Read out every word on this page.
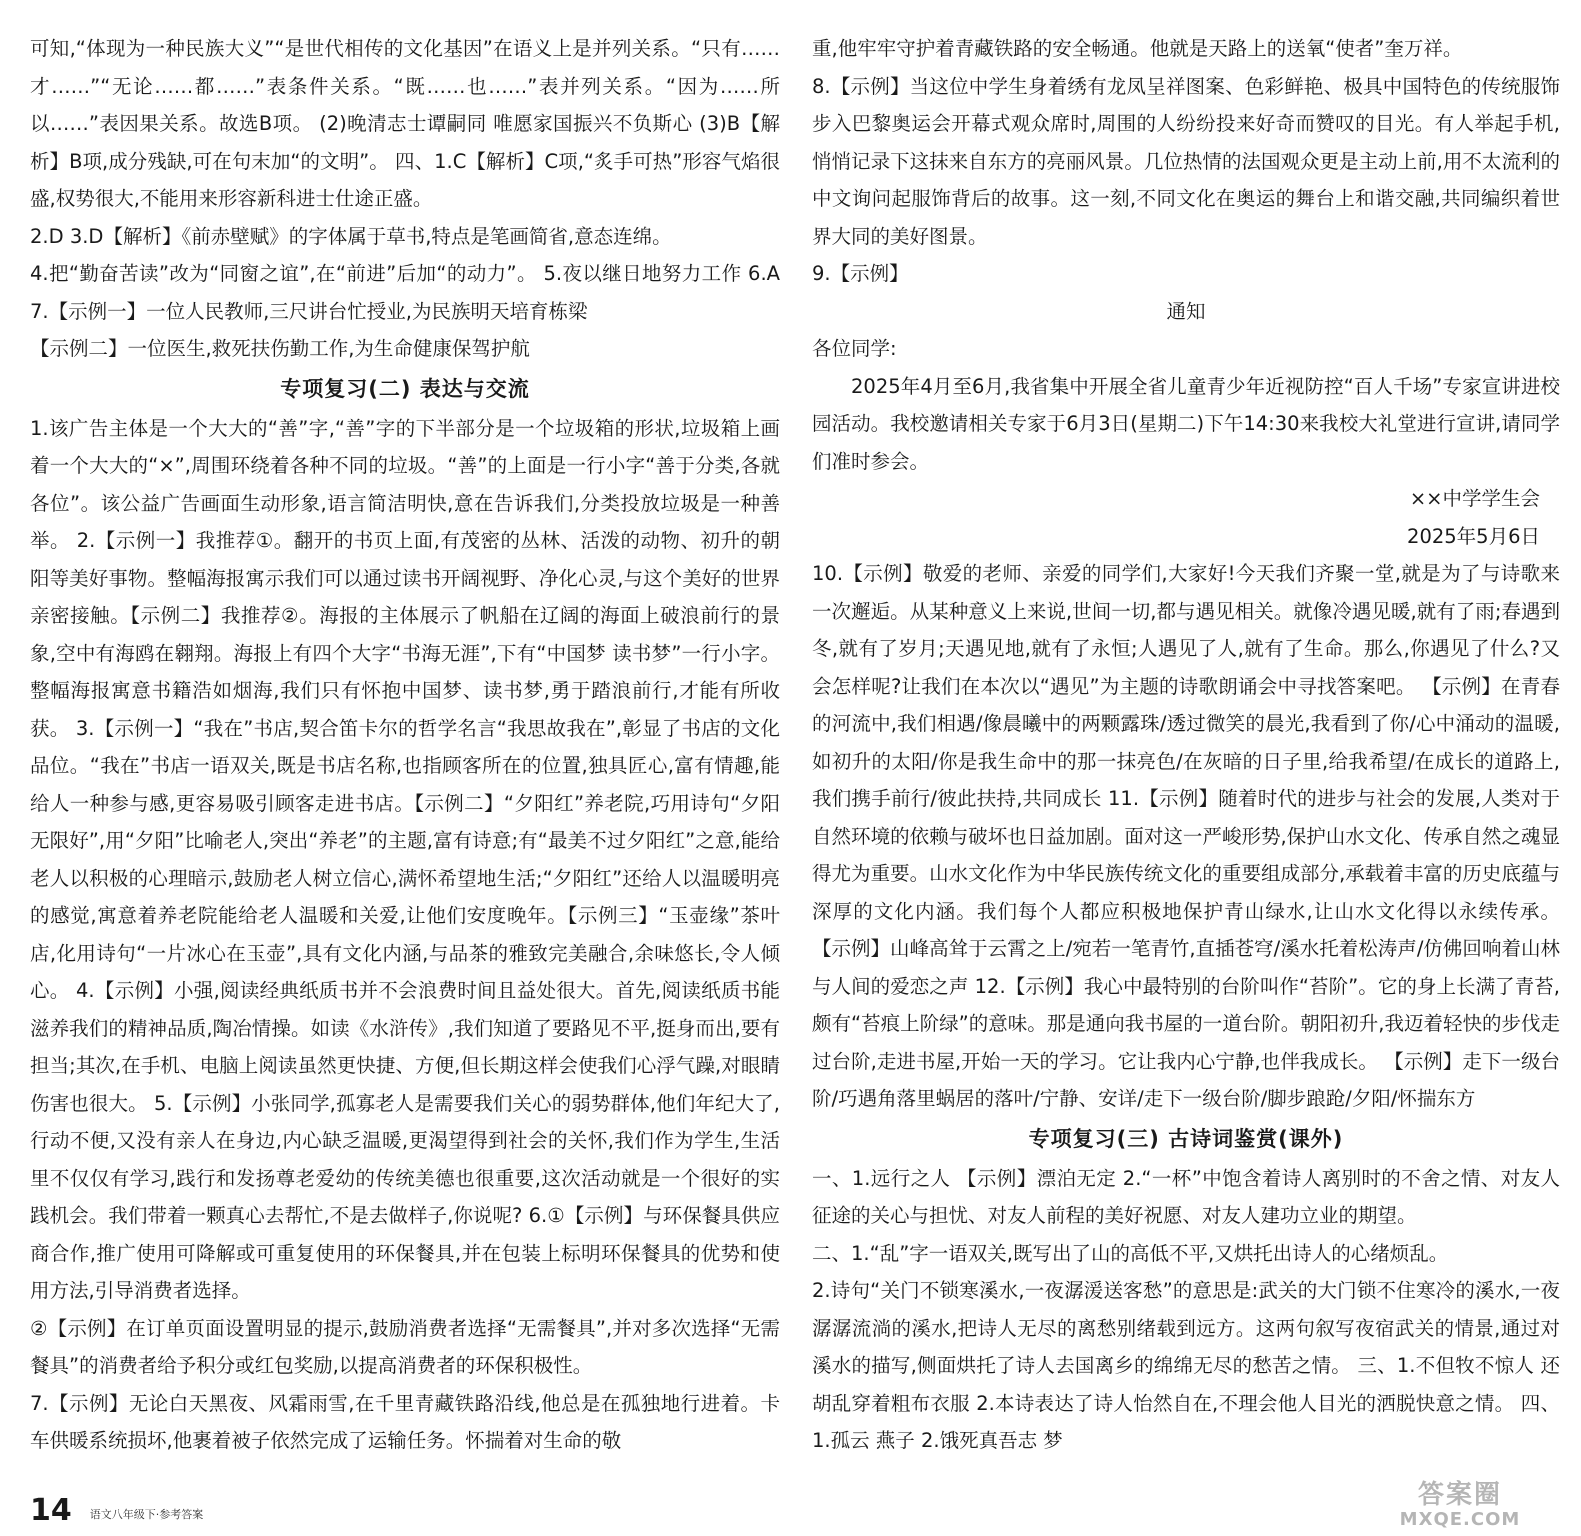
可知,“体现为一种民族大义”“是世代相传的文化基因”在语义上是并列关系。“只有……才……”“无论……都……”表条件关系。“既……也……”表并列关系。“因为……所以……”表因果关系。故选B项。 (2)晚清志士谭嗣同 唯愿家国振兴不负斯心 (3)B【解析】B项,成分残缺,可在句末加“的文明”。 四、1.C【解析】C项,“炙手可热”形容气焰很盛,权势很大,不能用来形容新科进士仕途正盛。

2.D 3.D【解析】《前赤壁赋》的字体属于草书,特点是笔画简省,意态连绵。

4.把“勤奋苦读”改为“同窗之谊”,在“前进”后加“的动力”。 5.夜以继日地努力工作 6.A 7.【示例一】一位人民教师,三尺讲台忙授业,为民族明天培育栋梁

【示例二】一位医生,救死扶伤勤工作,为生命健康保驾护航

专项复习(二) 表达与交流

1.该广告主体是一个大大的“善”字,“善”字的下半部分是一个垃圾箱的形状,垃圾箱上画着一个大大的“×”,周围环绕着各种不同的垃圾。“善”的上面是一行小字“善于分类,各就各位”。该公益广告画面生动形象,语言简洁明快,意在告诉我们,分类投放垃圾是一种善举。 2.【示例一】我推荐①。翻开的书页上面,有茂密的丛林、活泼的动物、初升的朝阳等美好事物。整幅海报寓示我们可以通过读书开阔视野、净化心灵,与这个美好的世界亲密接触。【示例二】我推荐②。海报的主体展示了帆船在辽阔的海面上破浪前行的景象,空中有海鸥在翱翔。海报上有四个大字“书海无涯”,下有“中国梦 读书梦”一行小字。整幅海报寓意书籍浩如烟海,我们只有怀抱中国梦、读书梦,勇于踏浪前行,才能有所收获。 3.【示例一】“我在”书店,契合笛卡尔的哲学名言“我思故我在”,彰显了书店的文化品位。“我在”书店一语双关,既是书店名称,也指顾客所在的位置,独具匠心,富有情趣,能给人一种参与感,更容易吸引顾客走进书店。【示例二】“夕阳红”养老院,巧用诗句“夕阳无限好”,用“夕阳”比喻老人,突出“养老”的主题,富有诗意;有“最美不过夕阳红”之意,能给老人以积极的心理暗示,鼓励老人树立信心,满怀希望地生活;“夕阳红”还给人以温暖明亮的感觉,寓意着养老院能给老人温暖和关爱,让他们安度晚年。【示例三】“玉壶缘”茶叶店,化用诗句“一片冰心在玉壶”,具有文化内涵,与品茶的雅致完美融合,余味悠长,令人倾心。 4.【示例】小强,阅读经典纸质书并不会浪费时间且益处很大。首先,阅读纸质书能滋养我们的精神品质,陶冶情操。如读《水浒传》,我们知道了要路见不平,挺身而出,要有担当;其次,在手机、电脑上阅读虽然更快捷、方便,但长期这样会使我们心浮气躁,对眼睛伤害也很大。 5.【示例】小张同学,孤寡老人是需要我们关心的弱势群体,他们年纪大了,行动不便,又没有亲人在身边,内心缺乏温暖,更渴望得到社会的关怀,我们作为学生,生活里不仅仅有学习,践行和发扬尊老爱幼的传统美德也很重要,这次活动就是一个很好的实践机会。我们带着一颗真心去帮忙,不是去做样子,你说呢? 6.①【示例】与环保餐具供应商合作,推广使用可降解或可重复使用的环保餐具,并在包装上标明环保餐具的优势和使用方法,引导消费者选择。

②【示例】在订单页面设置明显的提示,鼓励消费者选择“无需餐具”,并对多次选择“无需餐具”的消费者给予积分或红包奖励,以提高消费者的环保积极性。

7.【示例】无论白天黑夜、风霜雨雪,在千里青藏铁路沿线,他总是在孤独地行进着。卡车供暖系统损坏,他裹着被子依然完成了运输任务。怀揣着对生命的敬

重,他牢牢守护着青藏铁路的安全畅通。他就是天路上的送氧“使者”奎万祥。

8.【示例】当这位中学生身着绣有龙凤呈祥图案、色彩鲜艳、极具中国特色的传统服饰步入巴黎奥运会开幕式观众席时,周围的人纷纷投来好奇而赞叹的目光。有人举起手机,悄悄记录下这抹来自东方的亮丽风景。几位热情的法国观众更是主动上前,用不太流利的中文询问起服饰背后的故事。这一刻,不同文化在奥运的舞台上和谐交融,共同编织着世界大同的美好图景。

9.【示例】

通知

各位同学:

2025年4月至6月,我省集中开展全省儿童青少年近视防控“百人千场”专家宣讲进校园活动。我校邀请相关专家于6月3日(星期二)下午14:30来我校大礼堂进行宣讲,请同学们准时参会。

××中学学生会

2025年5月6日

10.【示例】敬爱的老师、亲爱的同学们,大家好!今天我们齐聚一堂,就是为了与诗歌来一次邂逅。从某种意义上来说,世间一切,都与遇见相关。就像冷遇见暖,就有了雨;春遇到冬,就有了岁月;天遇见地,就有了永恒;人遇见了人,就有了生命。那么,你遇见了什么?又会怎样呢?让我们在本次以“遇见”为主题的诗歌朗诵会中寻找答案吧。 【示例】在青春的河流中,我们相遇/像晨曦中的两颗露珠/透过微笑的晨光,我看到了你/心中涌动的温暖,如初升的太阳/你是我生命中的那一抹亮色/在灰暗的日子里,给我希望/在成长的道路上,我们携手前行/彼此扶持,共同成长 11.【示例】随着时代的进步与社会的发展,人类对于自然环境的依赖与破坏也日益加剧。面对这一严峻形势,保护山水文化、传承自然之魂显得尤为重要。山水文化作为中华民族传统文化的重要组成部分,承载着丰富的历史底蕴与深厚的文化内涵。我们每个人都应积极地保护青山绿水,让山水文化得以永续传承。 【示例】山峰高耸于云霄之上/宛若一笔青竹,直插苍穹/溪水托着松涛声/仿佛回响着山林与人间的爱恋之声 12.【示例】我心中最特别的台阶叫作“苔阶”。它的身上长满了青苔,颇有“苔痕上阶绿”的意味。那是通向我书屋的一道台阶。朝阳初升,我迈着轻快的步伐走过台阶,走进书屋,开始一天的学习。它让我内心宁静,也伴我成长。 【示例】走下一级台阶/巧遇角落里蜗居的落叶/宁静、安详/走下一级台阶/脚步踉跄/夕阳/怀揣东方

专项复习(三) 古诗词鉴赏(课外)

一、1.远行之人 【示例】漂泊无定 2.“一杯”中饱含着诗人离别时的不舍之情、对友人征途的关心与担忧、对友人前程的美好祝愿、对友人建功立业的期望。

二、1.“乱”字一语双关,既写出了山的高低不平,又烘托出诗人的心绪烦乱。

2.诗句“关门不锁寒溪水,一夜潺湲送客愁”的意思是:武关的大门锁不住寒冷的溪水,一夜潺潺流淌的溪水,把诗人无尽的离愁别绪载到远方。这两句叙写夜宿武关的情景,通过对溪水的描写,侧面烘托了诗人去国离乡的绵绵无尽的愁苦之情。 三、1.不但牧不惊人 还胡乱穿着粗布衣服 2.本诗表达了诗人怡然自在,不理会他人目光的洒脱快意之情。 四、1.孤云 燕子 2.饿死真吾志 梦

14 语文八年级下·参考答案
答案圈
MXQE.COM
